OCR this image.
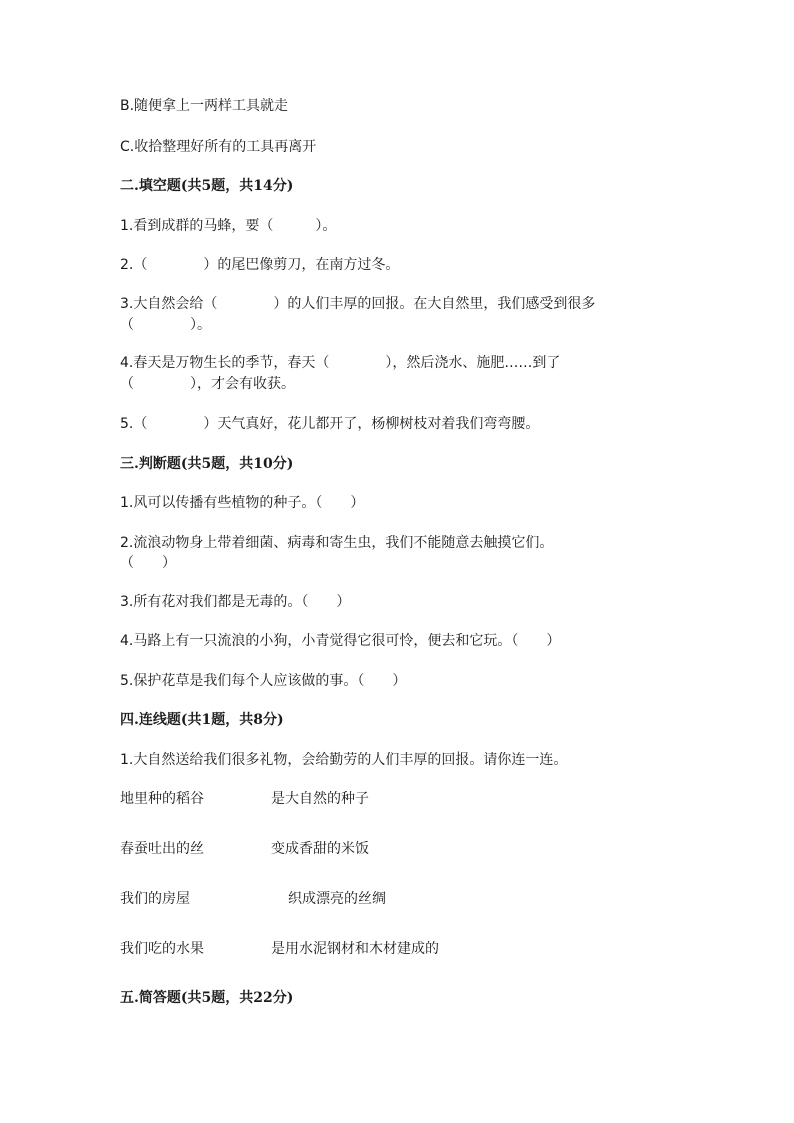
B.随便拿上一两样工具就走
C.收拾整理好所有的工具再离开
二.填空题(共5题，共14分)
1.看到成群的马蜂，要（　　　）。
2.（　　　　）的尾巴像剪刀，在南方过冬。
3.大自然会给（　　　　）的人们丰厚的回报。在大自然里，我们感受到很多
（　　　　）。
4.春天是万物生长的季节，春天（　　　　），然后浇水、施肥……到了
（　　　　），才会有收获。
5.（　　　　）天气真好，花儿都开了，杨柳树枝对着我们弯弯腰。
三.判断题(共5题，共10分)
1.风可以传播有些植物的种子。（　　）
2.流浪动物身上带着细菌、病毒和寄生虫，我们不能随意去触摸它们。
（　　）
3.所有花对我们都是无毒的。（　　）
4.马路上有一只流浪的小狗，小青觉得它很可怜，便去和它玩。（　　）
5.保护花草是我们每个人应该做的事。（　　）
四.连线题(共1题，共8分)
1.大自然送给我们很多礼物，会给勤劳的人们丰厚的回报。请你连一连。
地里种的稻谷	是大自然的种子
春蚕吐出的丝	变成香甜的米饭
我们的房屋	织成漂亮的丝绸
我们吃的水果	是用水泥钢材和木材建成的
五.简答题(共5题，共22分)
